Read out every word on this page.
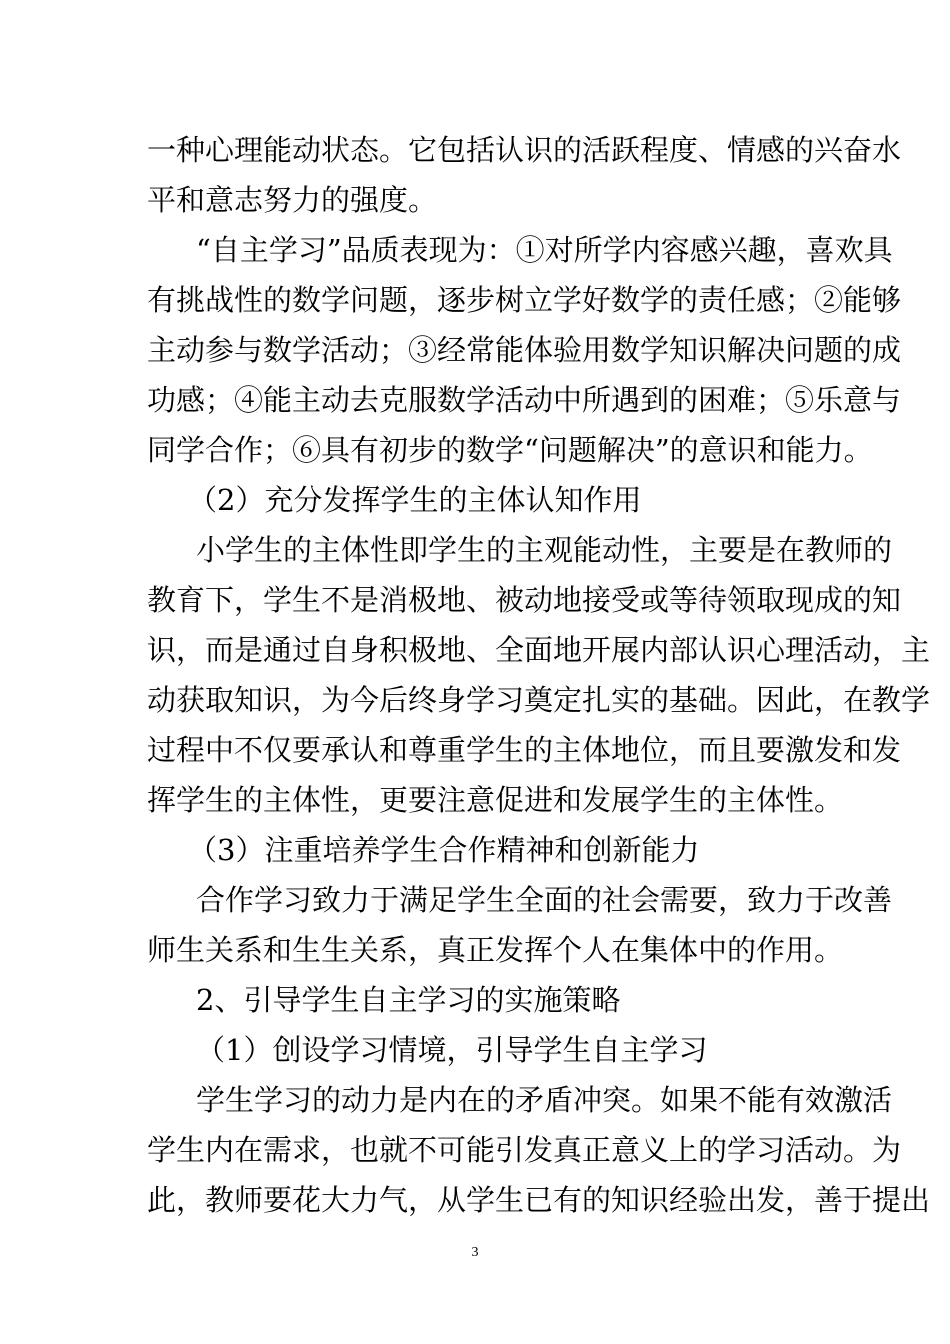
一种心理能动状态。它包括认识的活跃程度、情感的兴奋水
平和意志努力的强度。
“自主学习”品质表现为：①对所学内容感兴趣，喜欢具
有挑战性的数学问题，逐步树立学好数学的责任感；②能够
主动参与数学活动；③经常能体验用数学知识解决问题的成
功感；④能主动去克服数学活动中所遇到的困难；⑤乐意与
同学合作；⑥具有初步的数学“问题解决”的意识和能力。
（2）充分发挥学生的主体认知作用
小学生的主体性即学生的主观能动性，主要是在教师的
教育下，学生不是消极地、被动地接受或等待领取现成的知
识，而是通过自身积极地、全面地开展内部认识心理活动，主
动获取知识，为今后终身学习奠定扎实的基础。因此，在教学
过程中不仅要承认和尊重学生的主体地位，而且要激发和发
挥学生的主体性，更要注意促进和发展学生的主体性。
（3）注重培养学生合作精神和创新能力
合作学习致力于满足学生全面的社会需要，致力于改善
师生关系和生生关系，真正发挥个人在集体中的作用。
2、引导学生自主学习的实施策略
（1）创设学习情境，引导学生自主学习
学生学习的动力是内在的矛盾冲突。如果不能有效激活
学生内在需求，也就不可能引发真正意义上的学习活动。为
此，教师要花大力气，从学生已有的知识经验出发，善于提出
3
